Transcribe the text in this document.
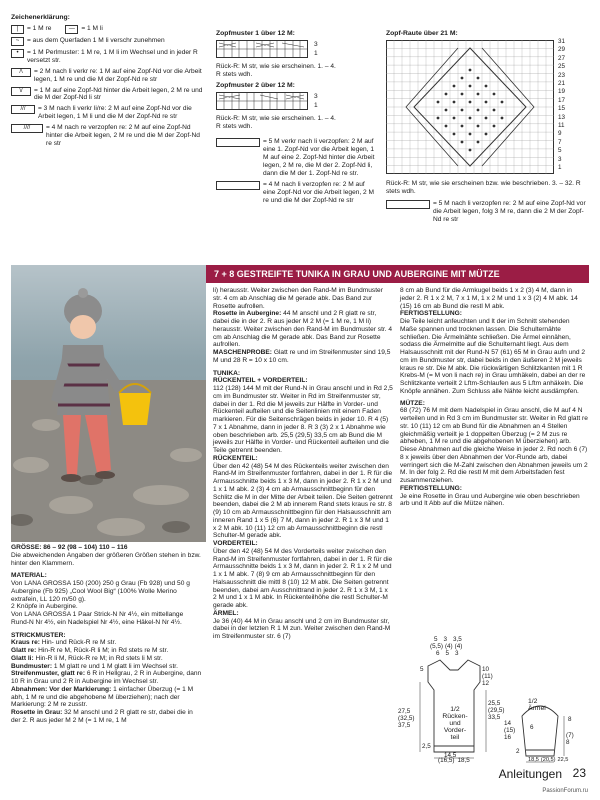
Zeichenerklärung:
|	= 1 M re	— = 1 M li
~	= aus dem Querfaden 1 M li verschr zunehmen
•	= 1 M Perlmuster: 1 M re, 1 M li im Wechsel und in jeder R versetzt str.
/\	= 2 M nach li verkr re: 1 M auf eine Zopf-Nd vor die Arbeit legen, 1 M re und die M der Zopf-Nd re str
\/	= 1 M auf eine Zopf-Nd hinter die Arbeit legen, 2 M re und die M der Zopf-Nd li str
///	= 3 M nach li verkr li/re: 2 M auf eine Zopf-Nd vor die Arbeit legen, 1 M li und die M der Zopf-Nd re str
////	= 4 M nach re verzopfen re: 2 M auf eine Zopf-Nd hinter die Arbeit legen, 2 M re und die M der Zopf-Nd re str
Zopfmuster 1 über 12 M:
3
1
Rück-R: M str, wie sie erscheinen. 1. – 4. R stets wdh.
Zopfmuster 2 über 12 M:
3
1
Rück-R: M str, wie sie erscheinen. 1. – 4. R stets wdh.
= 5 M verkr nach li verzopfen: 2 M auf eine 1. Zopf-Nd vor die Arbeit legen, 1 M auf eine 2. Zopf-Nd hinter die Arbeit legen, 2 M re, die M der 2. Zopf-Nd li, dann die M der 1. Zopf-Nd re str.
= 4 M nach li verzopfen re: 2 M auf eine Zopf-Nd vor die Arbeit legen, 2 M re und die M der Zopf-Nd re str
Zopf-Raute über 21 M:
31
29
27
25
23
21
19
17
15
13
11
9
7
5
3
1
Rück-R: M str, wie sie erscheinen bzw. wie beschrieben. 3. – 32. R stets wdh.
= 5 M nach li verzopfen re: 2 M auf eine Zopf-Nd vor die Arbeit legen, folg 3 M re, dann die 2 M der Zopf-Nd re str
7 + 8 GESTREIFTE TUNIKA IN GRAU UND AUBERGINE MIT MÜTZE

GRÖSSE: 86 – 92 (98 – 104) 110 – 116

Die abweichenden Angaben der größeren Größen stehen in bzw. hinter den Klammern.

MATERIAL:

Von LANA GROSSA 150 (200) 250 g Grau (Fb 928) und 50 g Aubergine (Fb 925) „Cool Wool Big“ (100% Wolle Merino extrafein, LL 120 m/50 g).

2 Knöpfe in Aubergine.

Von LANA GROSSA 1 Paar Strick-N Nr 4½, ein mittellange Rund-N Nr 4½, ein Nadelspiel Nr 4½, eine Häkel-N Nr 4½.

STRICKMUSTER:

Kraus re: Hin- und Rück-R re M str.

Glatt re: Hin-R re M, Rück-R li M; in Rd stets re M str.

Glatt li: Hin-R li M, Rück-R re M; in Rd stets li M str.

Bundmuster: 1 M glatt re und 1 M glatt li im Wechsel str.

Streifenmuster, glatt re: 6 R in Hellgrau, 2 R in Aubergine, dann 10 R in Grau und 2 R in Aubergine im Wechsel str.

Abnahmen: Vor der Markierung: 1 einfacher Überzug (= 1 M abh, 1 M re und die abgehobene M überziehen); nach der Markierung: 2 M re zusstr.

Rosette in Grau: 32 M anschl und 2 R glatt re str, dabei die in der 2. R aus jeder M 2 M (= 1 M re, 1 M

li) herausstr. Weiter zwischen den Rand-M im Bundmuster str. 4 cm ab Anschlag die M gerade abk. Das Band zur Rosette aufrollen.

Rosette in Aubergine: 44 M anschl und 2 R glatt re str, dabei die in der 2. R aus jeder M 2 M (= 1 M re, 1 M li) herausstr. Weiter zwischen den Rand-M im Bundmuster str. 4 cm ab Anschlag die M gerade abk. Das Band zur Rosette aufrollen.

MASCHENPROBE: Glatt re und im Streifenmuster sind 19,5 M und 28 R = 10 x 10 cm.

TUNIKA:

RÜCKENTEIL + VORDERTEIL:

112 (128) 144 M mit der Rund-N in Grau anschl und in Rd 2,5 cm im Bundmuster str. Weiter in Rd im Streifenmuster str, dabei in der 1. Rd die M jeweils zur Hälfte in Vorder- und Rückenteil aufteilen und die Seitenlinien mit einem Faden markieren. Für die Seitenschrägen beids in jeder 10. R 4 (5) 7 x 1 Abnahme, dann in jeder 8. R 3 (3) 2 x 1 Abnahme wie oben beschrieben arb. 25,5 (29,5) 33,5 cm ab Bund die M jeweils zur Hälfte in Vorder- und Rückenteil aufteilen und die Teile getrennt beenden.

RÜCKENTEIL:

Über den 42 (48) 54 M des Rückenteils weiter zwischen den Rand-M im Streifenmuster fortfahren, dabei in der 1. R für die Armausschnitte beids 1 x 3 M, dann in jeder 2. R 1 x 2 M und 1 x 1 M abk. 2 (3) 4 cm ab Armausschnittbeginn für den Schlitz die M in der Mitte der Arbeit teilen. Die Seiten getrennt beenden, dabei die 2 M ab innerem Rand stets kraus re str. 8 (9) 10 cm ab Armausschnittbeginn für den Halsausschnitt am inneren Rand 1 x 5 (6) 7 M, dann in jeder 2. R 1 x 3 M und 1 x 2 M abk. 10 (11) 12 cm ab Armausschnittbeginn die restl Schulter-M gerade abk.

VORDERTEIL:

Über den 42 (48) 54 M des Vorderteils weiter zwischen den Rand-M im Streifenmuster fortfahren, dabei in der 1. R für die Armausschnitte beids 1 x 3 M, dann in jeder 2. R 1 x 2 M und 1 x 1 M abk. 7 (8) 9 cm ab Armausschnittbeginn für den Halsausschnitt die mittl 8 (10) 12 M abk. Die Seiten getrennt beenden, dabei am Ausschnittrand in jeder 2. R 1 x 3 M, 1 x 2 M und 1 x 1 M abk. In Rückenteilhöhe die restl Schulter-M gerade abk.

ÄRMEL:

Je 36 (40) 44 M in Grau anschl und 2 cm im Bundmuster str, dabei in der letzten R 1 M zun. Weiter zwischen den Rand-M im Streifenmuster str. 6 (7)

8 cm ab Bund für die Armkugel beids 1 x 2 (3) 4 M, dann in jeder 2. R 1 x 2 M, 7 x 1 M, 1 x 2 M und 1 x 3 (2) 4 M abk. 14 (15) 16 cm ab Bund die restl M abk.

FERTIGSTELLUNG:

Die Teile leicht anfeuchten und lt der im Schnitt stehenden Maße spannen und trocknen lassen. Die Schulternähte schließen. Die Ärmelnähte schließen. Die Ärmel einnähen, sodass die Ärmelmitte auf die Schulternaht liegt. Aus dem Halsausschnitt mit der Rund-N 57 (61) 65 M in Grau aufn und 2 cm im Bundmuster str, dabei beids in den äußeren 2 M jeweils kraus re str. Die M abk. Die rückwärtigen Schlitzkanten mit 1 R Krebs-M (= M von li nach re) in Grau umhäkeln, dabei an der re Schlitzkante verteilt 2 Lftm-Schlaufen aus 5 Lftm anhäkeln. Die Knöpfe annähen. Zum Schluss alle Nähte leicht ausdämpfen.

MÜTZE:

68 (72) 76 M mit dem Nadelspiel in Grau anschl, die M auf 4 N verteilen und in Rd 3 cm im Bundmuster str. Weiter in Rd glatt re str. 10 (11) 12 cm ab Bund für die Abnahmen an 4 Stellen gleichmäßig verteilt je 1 doppelten Überzug (= 2 M zus re abheben, 1 M re und die abgehobenen M überziehen) arb. Diese Abnahmen auf die gleiche Weise in jeder 2. Rd noch 6 (7) 8 x jeweils über den Abnahmen der Vor-Runde arb, dabei verringert sich die M-Zahl zwischen den Abnahmen jeweils um 2 M. In der folg 2. Rd die restl M mit dem Arbeitsfaden fest zusammenziehen.

FERTIGSTELLUNG:

Je eine Rosette in Grau und Aubergine wie oben beschrieben arb und lt Abb auf die Mütze nähen.

5 3 3,5
(5,5) (4) (4)
6 5 3
5	10
(11)
12
27,5
(32,5)
37,5
25,5
(29,5)
33,5
1/2
Rücken-
und
Vorder-
teil
2,5
14,5
(16,5) 18,5
1/2
Ärmel
8
6
14
(15)
16	(7)
8
2
18,5 (20,5) 22,5
Anleitungen 23
PassionForum.ru
